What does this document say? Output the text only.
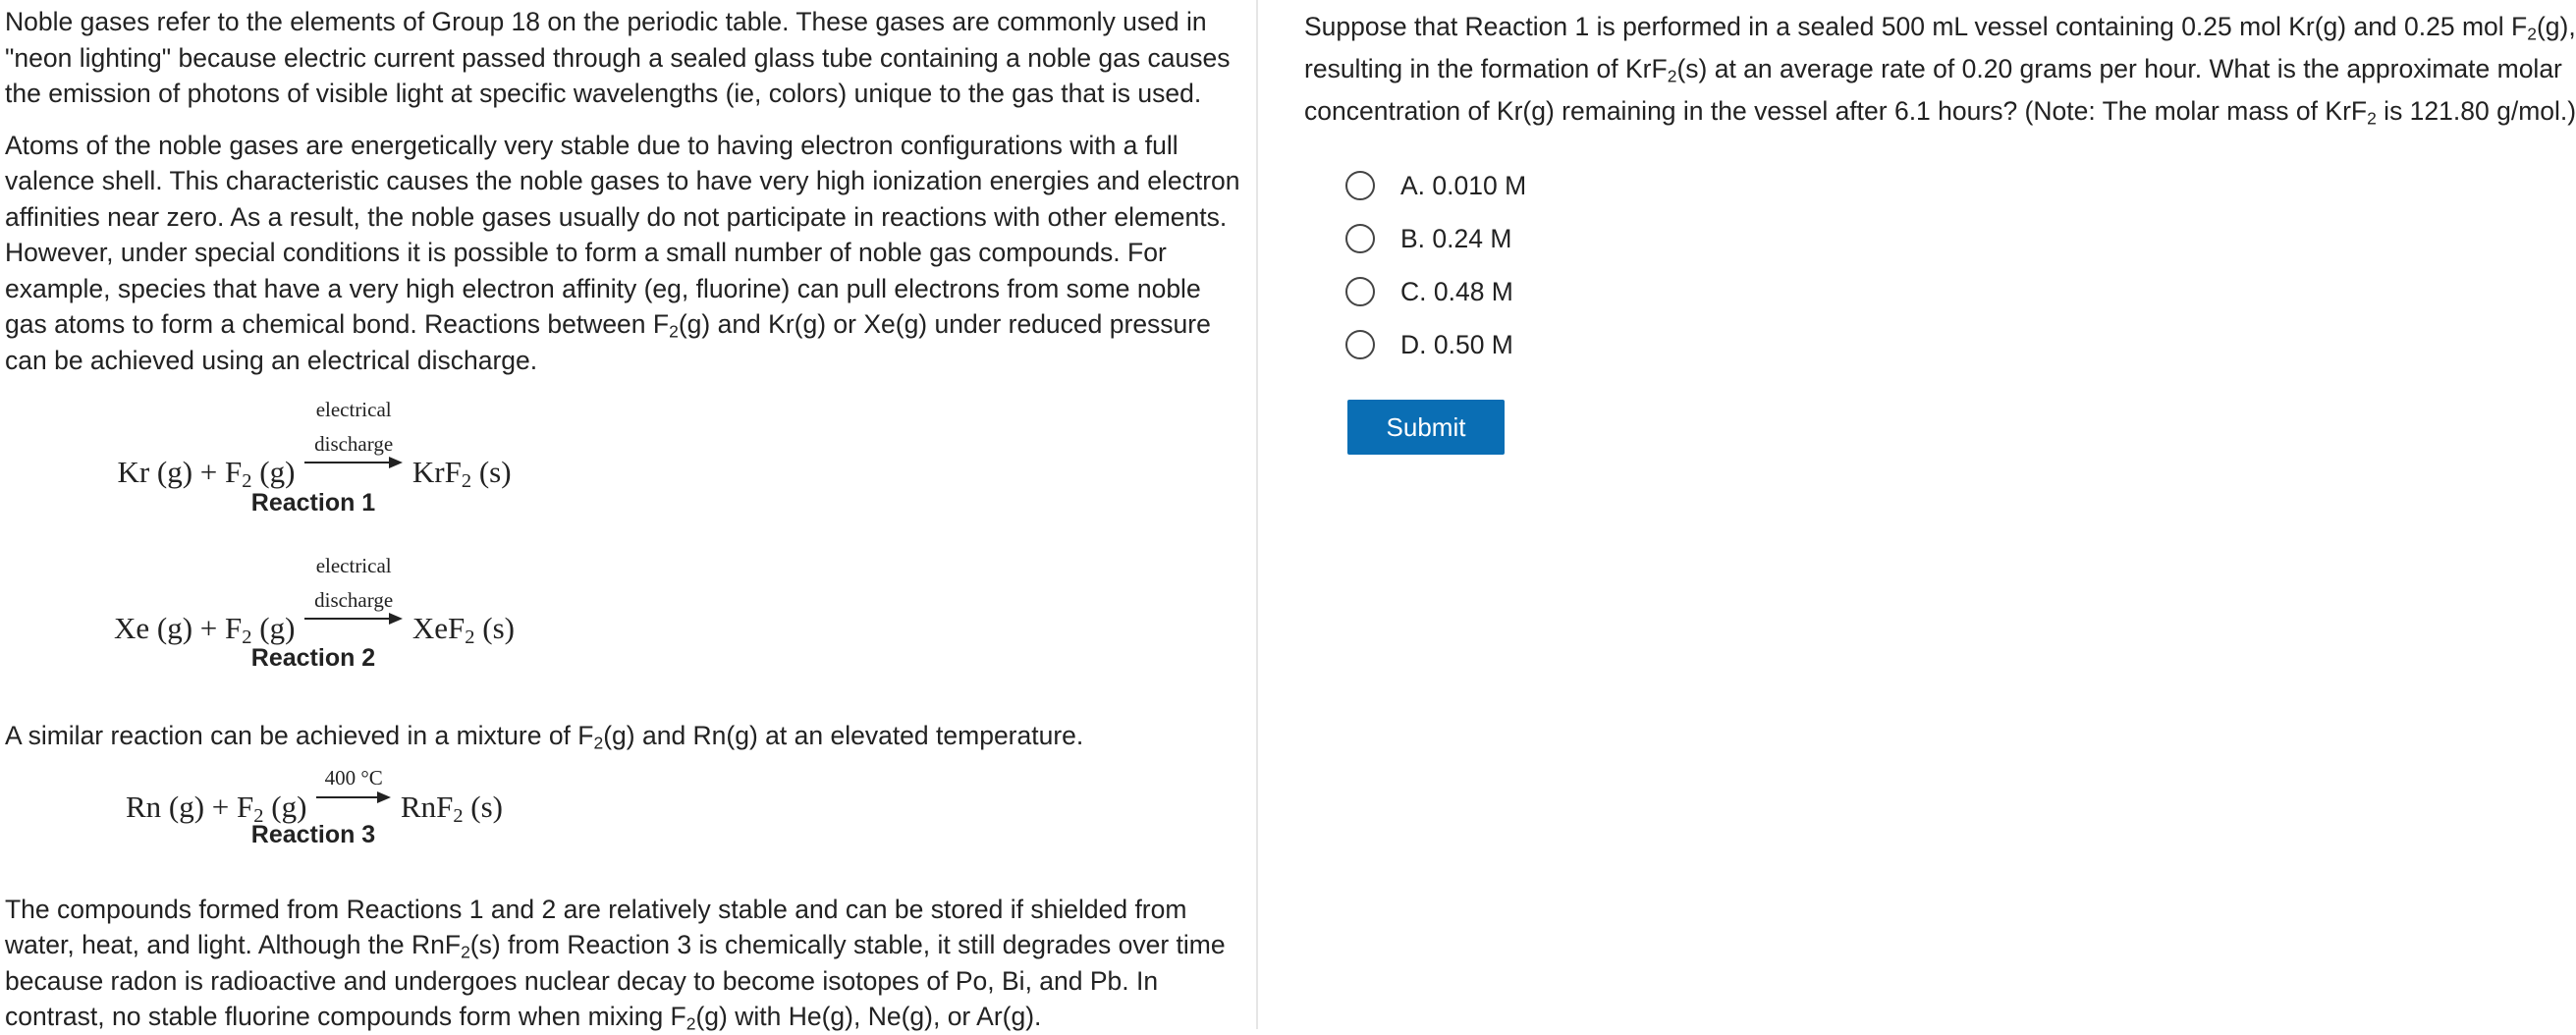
Noble gases refer to the elements of Group 18 on the periodic table. These gases are commonly used in "neon lighting" because electric current passed through a sealed glass tube containing a noble gas causes the emission of photons of visible light at specific wavelengths (ie, colors) unique to the gas that is used.

Atoms of the noble gases are energetically very stable due to having electron configurations with a full valence shell. This characteristic causes the noble gases to have very high ionization energies and electron affinities near zero. As a result, the noble gases usually do not participate in reactions with other elements. However, under special conditions it is possible to form a small number of noble gas compounds. For example, species that have a very high electron affinity (eg, fluorine) can pull electrons from some noble gas atoms to form a chemical bond. Reactions between $F_2(g)$ and Kr(g) or Xe(g) under reduced pressure can be achieved using an electrical discharge.

Kr $(g) + F_2$ (g)
electrical
discharge
KrF$_2$ (s)
Reaction 1
Xe $(g) + F_2$ (g)
electrical
discharge
XeF$_2$ (s)
Reaction 2

A similar reaction can be achieved in a mixture of $F_2(g)$ and Rn(g) at an elevated temperature.

Rn $(g) + F_2$ (g)
400 °C
RnF$_2$ (s)
Reaction 3

The compounds formed from Reactions 1 and 2 are relatively stable and can be stored if shielded from water, heat, and light. Although the RnF$_2$(s) from Reaction 3 is chemically stable, it still degrades over time because radon is radioactive and undergoes nuclear decay to become isotopes of Po, Bi, and Pb. In contrast, no stable fluorine compounds form when mixing $F_2(g)$ with He(g), Ne(g), or Ar(g).

Suppose that Reaction 1 is performed in a sealed 500 mL vessel containing 0.25 mol Kr(g) and 0.25 mol $F_2(g)$,

resulting in the formation of KrF$_2$(s) at an average rate of 0.20 grams per hour. What is the approximate molar

concentration of Kr(g) remaining in the vessel after 6.1 hours? (Note: The molar mass of KrF$_2$ is 121.80 g/mol.)

A. 0.010 M
B. 0.24 M
C. 0.48 M
D. 0.50 M
Submit
